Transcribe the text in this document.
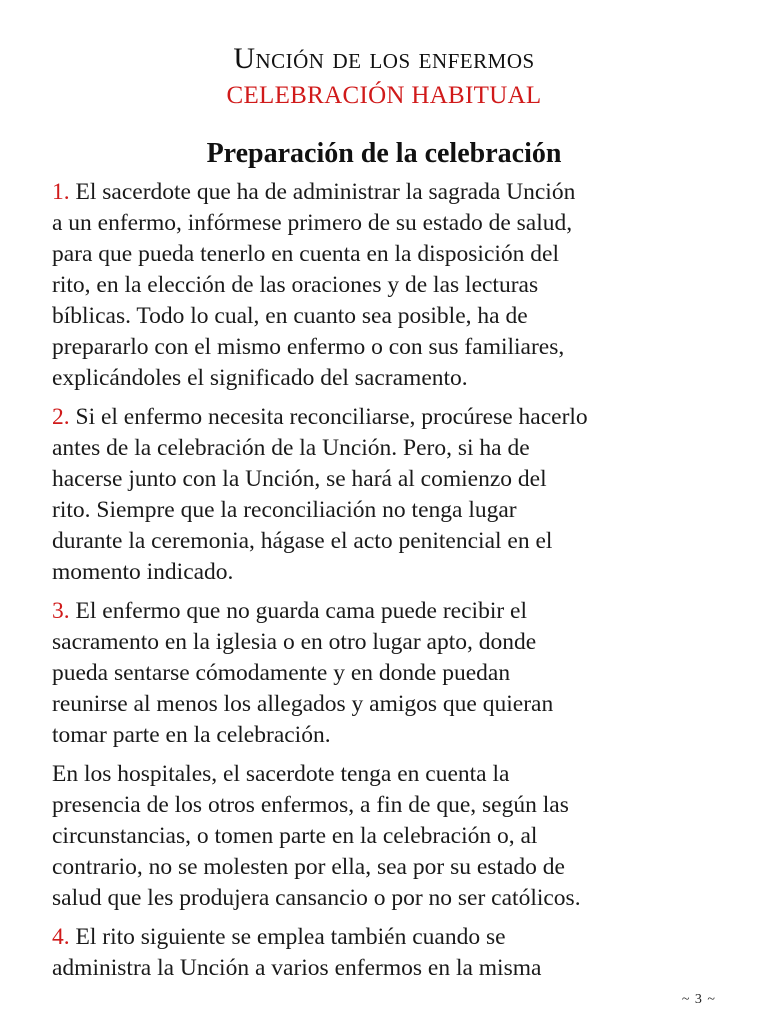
Unción de los enfermos
CELEBRACIÓN HABITUAL
Preparación de la celebración

1. El sacerdote que ha de administrar la sagrada Unción
a un enfermo, infórmese primero de su estado de salud,
para que pueda tenerlo en cuenta en la disposición del
rito, en la elección de las oraciones y de las lecturas
bíblicas. Todo lo cual, en cuanto sea posible, ha de
prepararlo con el mismo enfermo o con sus familiares,
explicándoles el significado del sacramento.

2. Si el enfermo necesita reconciliarse, procúrese hacerlo
antes de la celebración de la Unción. Pero, si ha de
hacerse junto con la Unción, se hará al comienzo del
rito. Siempre que la reconciliación no tenga lugar
durante la ceremonia, hágase el acto penitencial en el
momento indicado.

3. El enfermo que no guarda cama puede recibir el
sacramento en la iglesia o en otro lugar apto, donde
pueda sentarse cómodamente y en donde puedan
reunirse al menos los allegados y amigos que quieran
tomar parte en la celebración.

En los hospitales, el sacerdote tenga en cuenta la
presencia de los otros enfermos, a fin de que, según las
circunstancias, o tomen parte en la celebración o, al
contrario, no se molesten por ella, sea por su estado de
salud que les produjera cansancio o por no ser católicos.

4. El rito siguiente se emplea también cuando se
administra la Unción a varios enfermos en la misma

~ 3 ~
